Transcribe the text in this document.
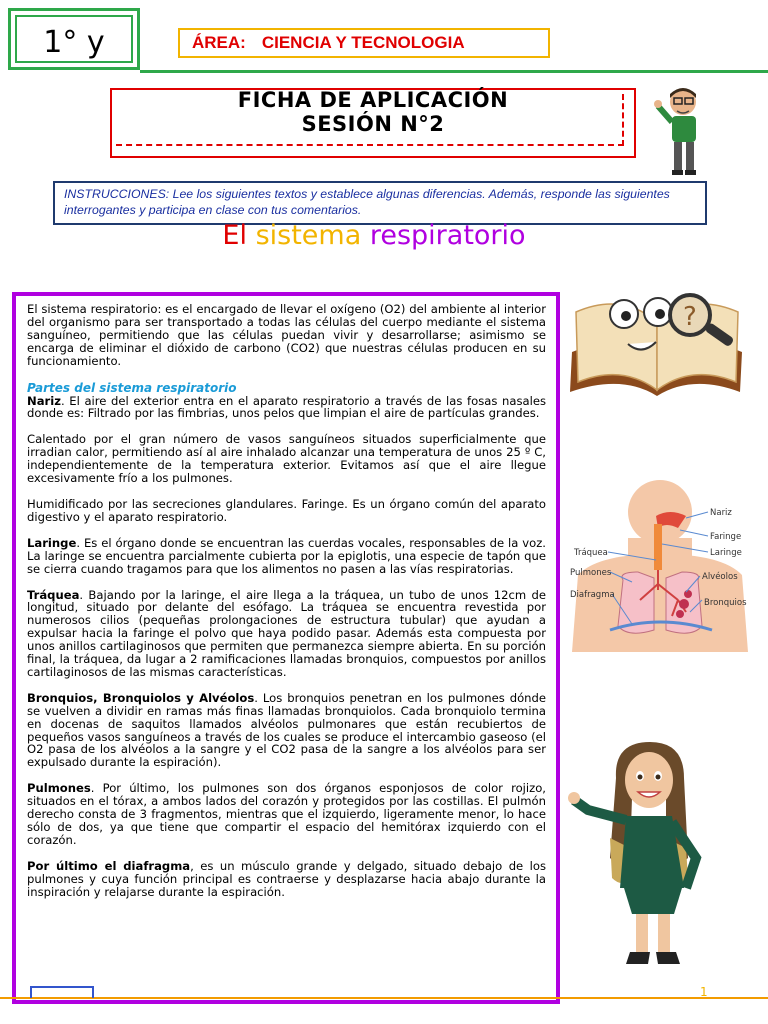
1° y	ÁREA: CIENCIA Y TECNOLOGIA
FICHA DE APLICACIÓN
SESIÓN N°2
INSTRUCCIONES: Lee los siguientes textos y establece algunas diferencias. Además, responde las siguientes interrogantes y participa en clase con tus comentarios.
El sistema respiratorio

El sistema respiratorio: es el encargado de llevar el oxígeno (O2) del ambiente al interior del organismo para ser transportado a todas las células del cuerpo mediante el sistema sanguíneo, permitiendo que las células puedan vivir y desarrollarse; asimismo se encarga de eliminar el dióxido de carbono (CO2) que nuestras células producen en su funcionamiento.

Partes del sistema respiratorio

Nariz. El aire del exterior entra en el aparato respiratorio a través de las fosas nasales donde es: Filtrado por las fimbrias, unos pelos que limpian el aire de partículas grandes.

Calentado por el gran número de vasos sanguíneos situados superficialmente que irradian calor, permitiendo así al aire inhalado alcanzar una temperatura de unos 25 º C, independientemente de la temperatura exterior. Evitamos así que el aire llegue excesivamente frío a los pulmones.

Humidificado por las secreciones glandulares. Faringe. Es un órgano común del aparato digestivo y el aparato respiratorio.

Laringe. Es el órgano donde se encuentran las cuerdas vocales, responsables de la voz. La laringe se encuentra parcialmente cubierta por la epiglotis, una especie de tapón que se cierra cuando tragamos para que los alimentos no pasen a las vías respiratorias.

Tráquea. Bajando por la laringe, el aire llega a la tráquea, un tubo de unos 12cm de longitud, situado por delante del esófago. La tráquea se encuentra revestida por numerosos cilios (pequeñas prolongaciones de estructura tubular) que ayudan a expulsar hacia la faringe el polvo que haya podido pasar. Además esta compuesta por unos anillos cartilaginosos que permiten que permanezca siempre abierta. En su porción final, la tráquea, da lugar a 2 ramificaciones llamadas bronquios, compuestos por anillos cartilaginosos de las mismas características.

Bronquios, Bronquiolos y Alvéolos. Los bronquios penetran en los pulmones dónde se vuelven a dividir en ramas más finas llamadas bronquiolos. Cada bronquiolo termina en docenas de saquitos llamados alvéolos pulmonares que están recubiertos de pequeños vasos sanguíneos a través de los cuales se produce el intercambio gaseoso (el O2 pasa de los alvéolos a la sangre y el CO2 pasa de la sangre a los alvéolos para ser expulsado durante la espiración).

Pulmones. Por último, los pulmones son dos órganos esponjosos de color rojizo, situados en el tórax, a ambos lados del corazón y protegidos por las costillas. El pulmón derecho consta de 3 fragmentos, mientras que el izquierdo, ligeramente menor, lo hace sólo de dos, ya que tiene que compartir el espacio del hemitórax izquierdo con el corazón.

Por último el diafragma, es un músculo grande y delgado, situado debajo de los pulmones y cuya función principal es contraerse y desplazarse hacia abajo durante la inspiración y relajarse durante la espiración.

?
Nariz
Faringe
Laringe
Tráquea
Pulmones	Alvéolos
Diafragma
Bronquios
1
